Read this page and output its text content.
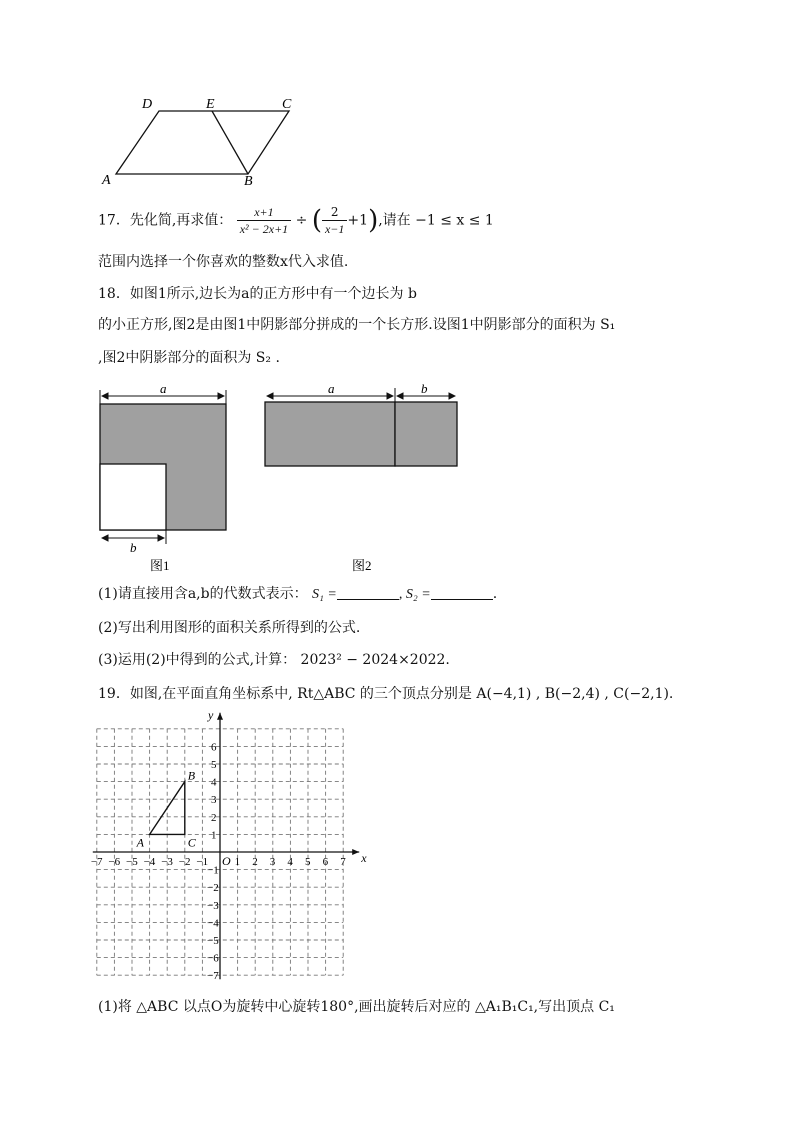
D	E	C
A	B
17．先化简,再求值： $\frac{x+1}{\text{x² − 2x+1}}$ ÷ ( $\frac{2}{x-1} +1$),请在 −1 ≤ x ≤ 1
范围内选择一个你喜欢的整数x代入求值.
18．如图1所示,边长为a的正方形中有一个边长为 b
的小正方形,图2是由图1中阴影部分拼成的一个长方形.设图1中阴影部分的面积为 S₁
,图2中阴影部分的面积为 S₂ .
a
b
图1
a	b
图2
(1)请直接用含a,b的代数式表示： S₁ =	, S₂ =	.
(2)写出利用图形的面积关系所得到的公式.
(3)运用(2)中得到的公式,计算： 2023² − 2024×2022.
19．如图,在平面直角坐标系中, Rt△ABC 的三个顶点分别是 A(−4,1) , B(−2,4) , C(−2,1).
−7 −6 −5 −4 −3 −2 −1 1 2 3 4 5 6 7
6
5
4
3
2
1
−1
−2
−3
−4
−5
−6
−7
A
B
C
O	x
y
(1)将 △ABC 以点O为旋转中心旋转180°,画出旋转后对应的 △A₁B₁C₁,写出顶点 C₁
